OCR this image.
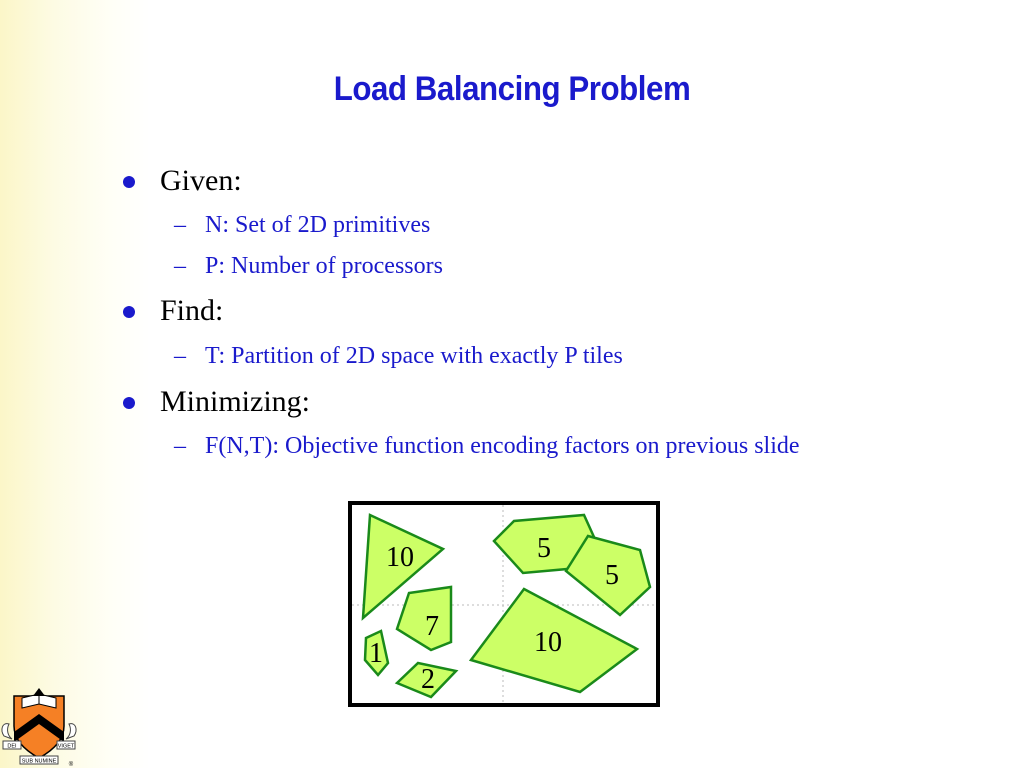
Load Balancing Problem
Given:
– N: Set of 2D primitives
– P: Number of processors
Find:
– T: Partition of 2D space with exactly P tiles
Minimizing:
– F(N,T): Objective function encoding factors on previous slide
10	5
5
7
10
1
2
DEI	VIGET
SUB NUMINE
®
